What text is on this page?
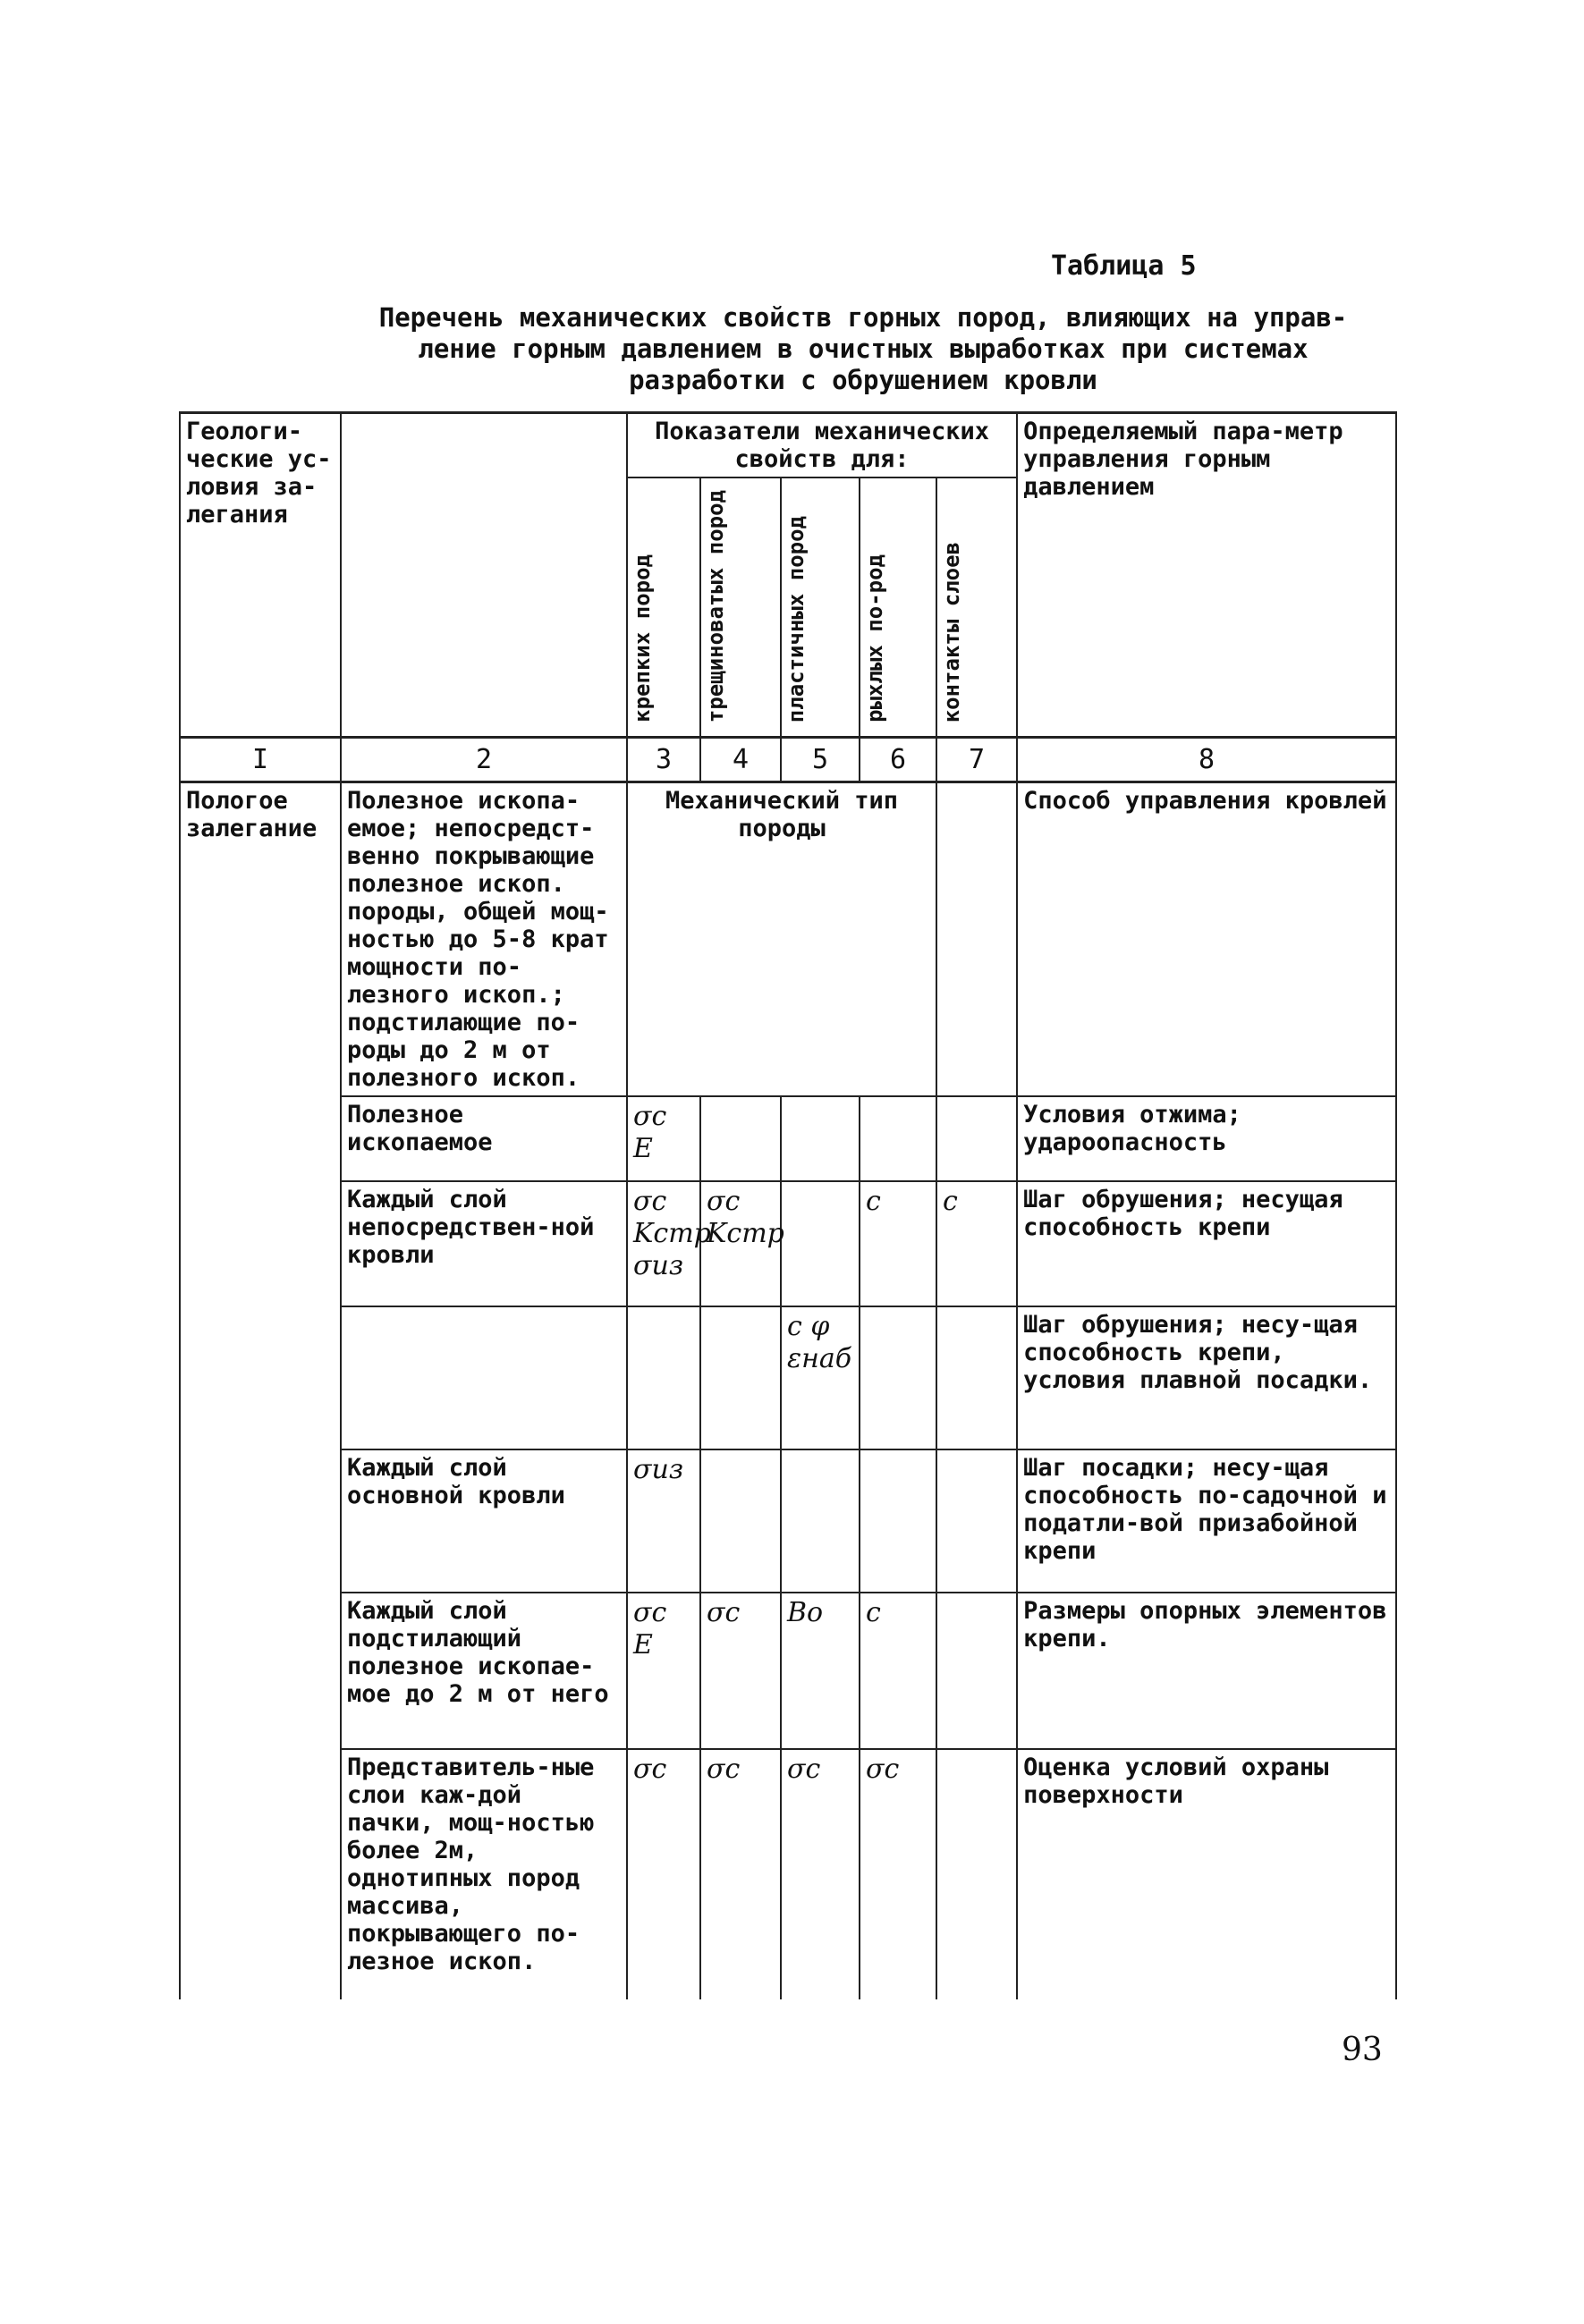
Таблица 5
Перечень механических свойств горных пород, влияющих на управ-
ление горным давлением в очистных выработках при системах
разработки с обрушением кровли
Геологи-ческие ус-ловия за-легания		Показатели механических свойств для:					Определяемый пара-метр управления горным давлением
		крепких пород	трещиноватых пород	пластичных пород	рыхлых по-род	контакты слоев	
I	2	3	4	5	6	7	8
Пологое залегание	Полезное ископа-емое; непосредст-венно покрывающие полезное ископ. породы, общей мощ-ностью до 5-8 крат мощности по-лезного ископ.; подстилающие по-роды до 2 м от полезного ископ.	Механический тип породы					Способ управления кровлей
	Полезное ископаемое	σc E					Условия отжима; удароопасность
	Каждый слой непосредствен-ной кровли	σc Kстр σиз	σc Kстр		c	c	Шаг обрушения; несущая способность крепи
				c φ εнаб			Шаг обрушения; несу-щая способность крепи, условия плавной посадки.
	Каждый слой основной кровли	σиз					Шаг посадки; несу-щая способность по-садочной и податли-вой призабойной крепи
	Каждый слой подстилающий полезное ископае-мое до 2 м от него	σc E	σc	Bo	c		Размеры опорных элементов крепи.
	Представитель-ные слои каж-дой пачки, мощ-ностью более 2м, однотипных пород массива, покрывающего по-лезное ископ.	σc	σc	σc	σc		Оценка условий охраны поверхности
93
